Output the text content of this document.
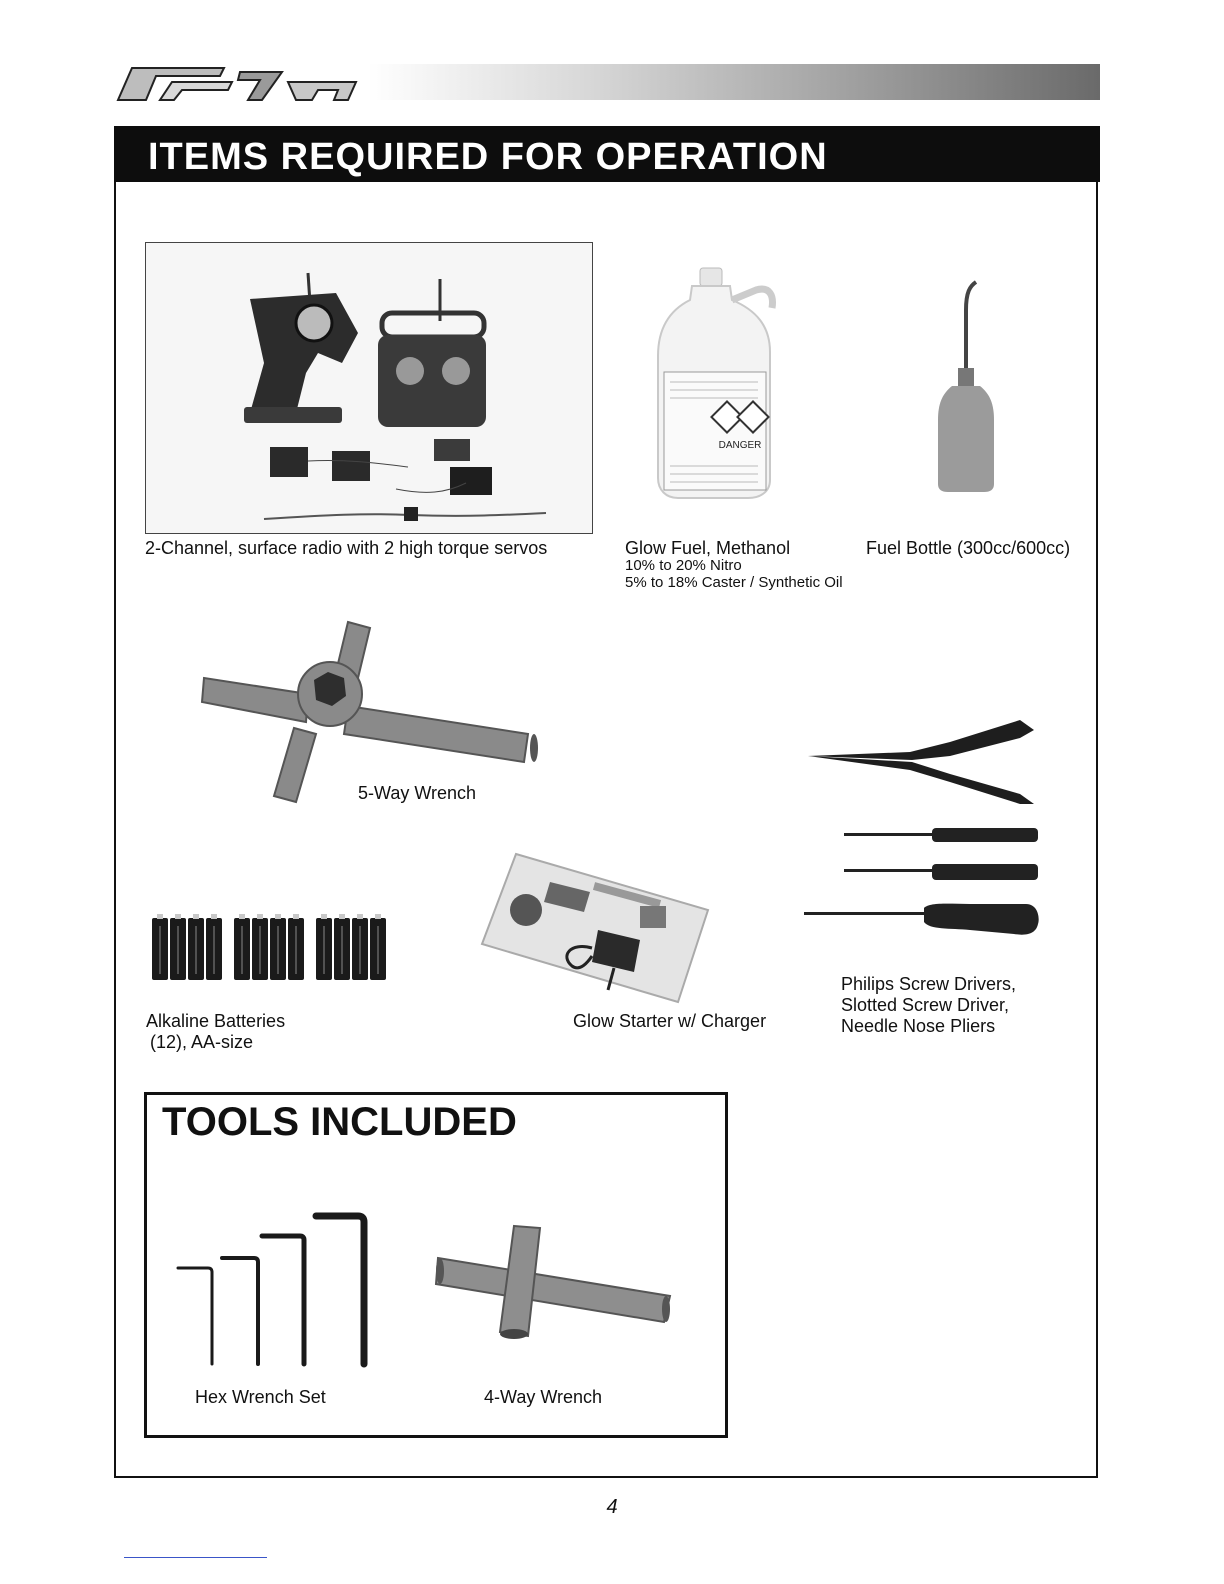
ITEMS REQUIRED FOR OPERATION
2-Channel, surface radio with 2 high torque servos
DANGER
Glow Fuel, Methanol
10% to 20% Nitro
5% to 18% Caster / Synthetic Oil
Fuel Bottle (300cc/600cc)
5-Way Wrench
Philips Screw Drivers,
Slotted Screw Driver,
Needle Nose Pliers
Alkaline Batteries
(12), AA-size
Glow Starter w/ Charger
TOOLS INCLUDED
Hex Wrench Set	4-Way Wrench
4
